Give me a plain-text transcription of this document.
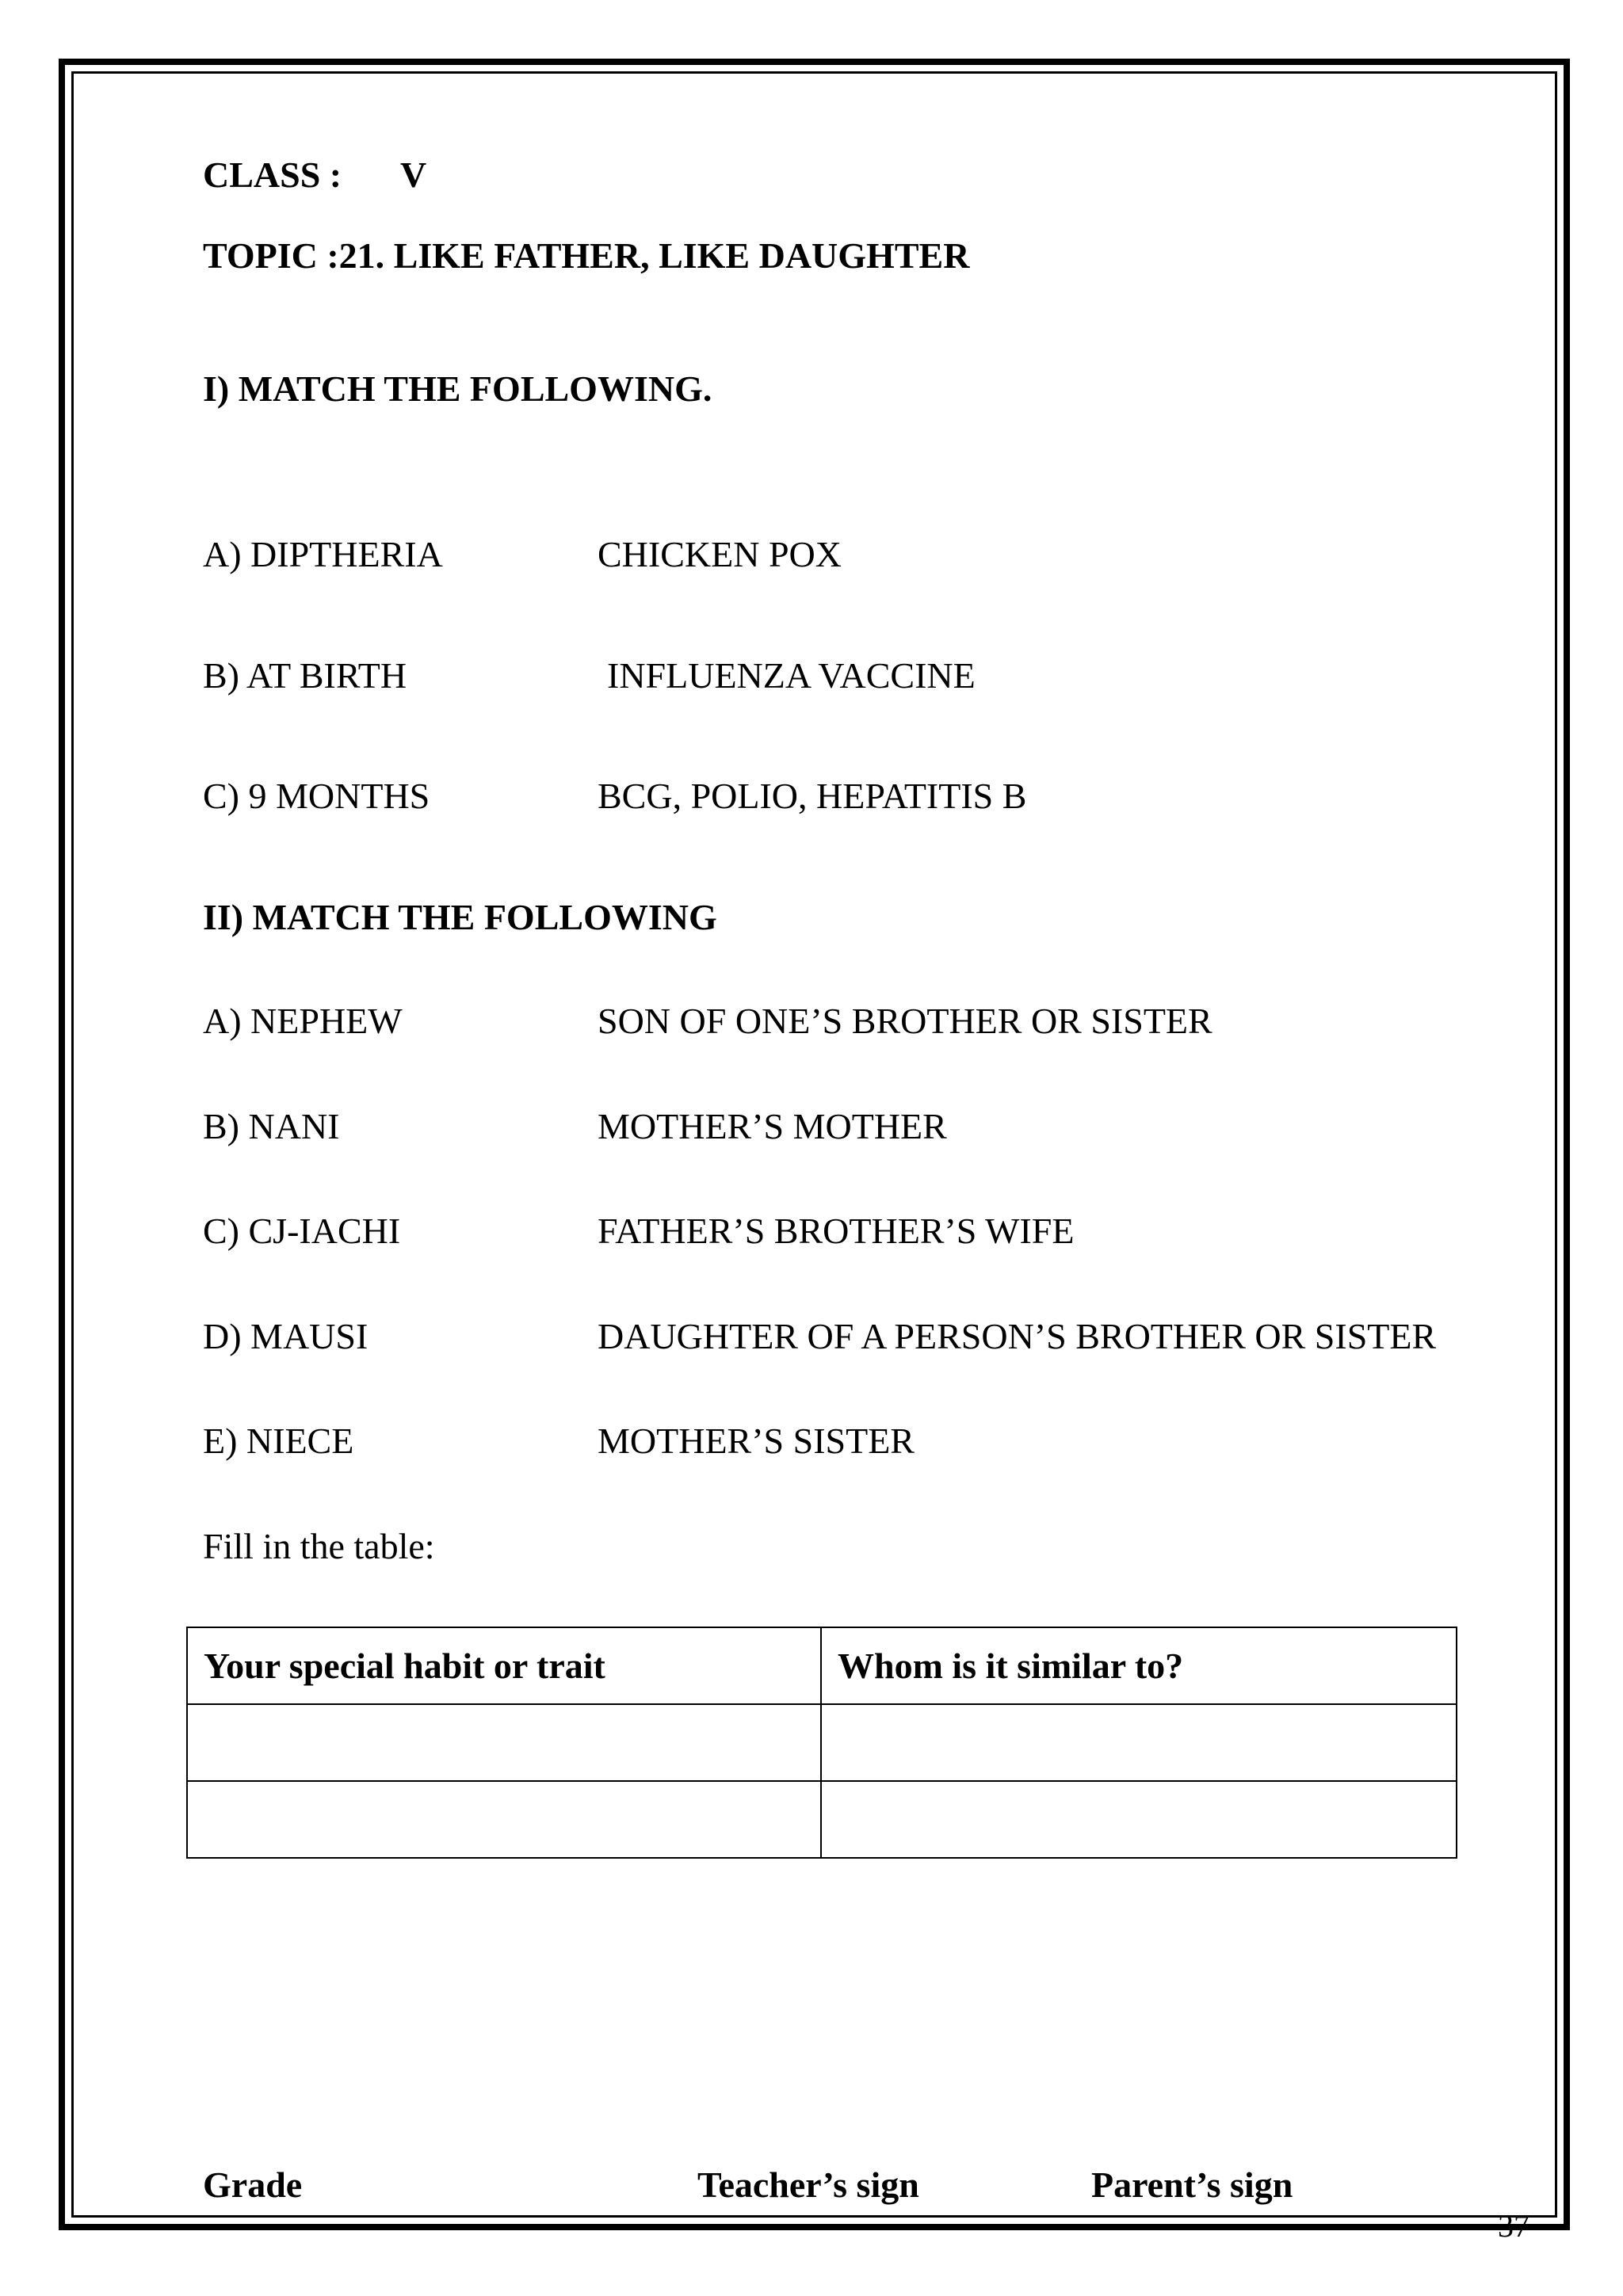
CLASS : V
TOPIC :21. LIKE FATHER, LIKE DAUGHTER
I) MATCH THE FOLLOWING.
A) DIPTHERIA	CHICKEN POX
B) AT BIRTH	INFLUENZA VACCINE
C) 9 MONTHS	BCG, POLIO, HEPATITIS B
II) MATCH THE FOLLOWING
A) NEPHEW	SON OF ONE’S BROTHER OR SISTER
B) NANI	MOTHER’S MOTHER
C) CJ-IACHI	FATHER’S BROTHER’S WIFE
D) MAUSI	DAUGHTER OF A PERSON’S BROTHER OR SISTER
E) NIECE	MOTHER’S SISTER
Fill in the table:
Your special habit or trait	Whom is it similar to?

Grade	Teacher’s sign	Parent’s sign
37
